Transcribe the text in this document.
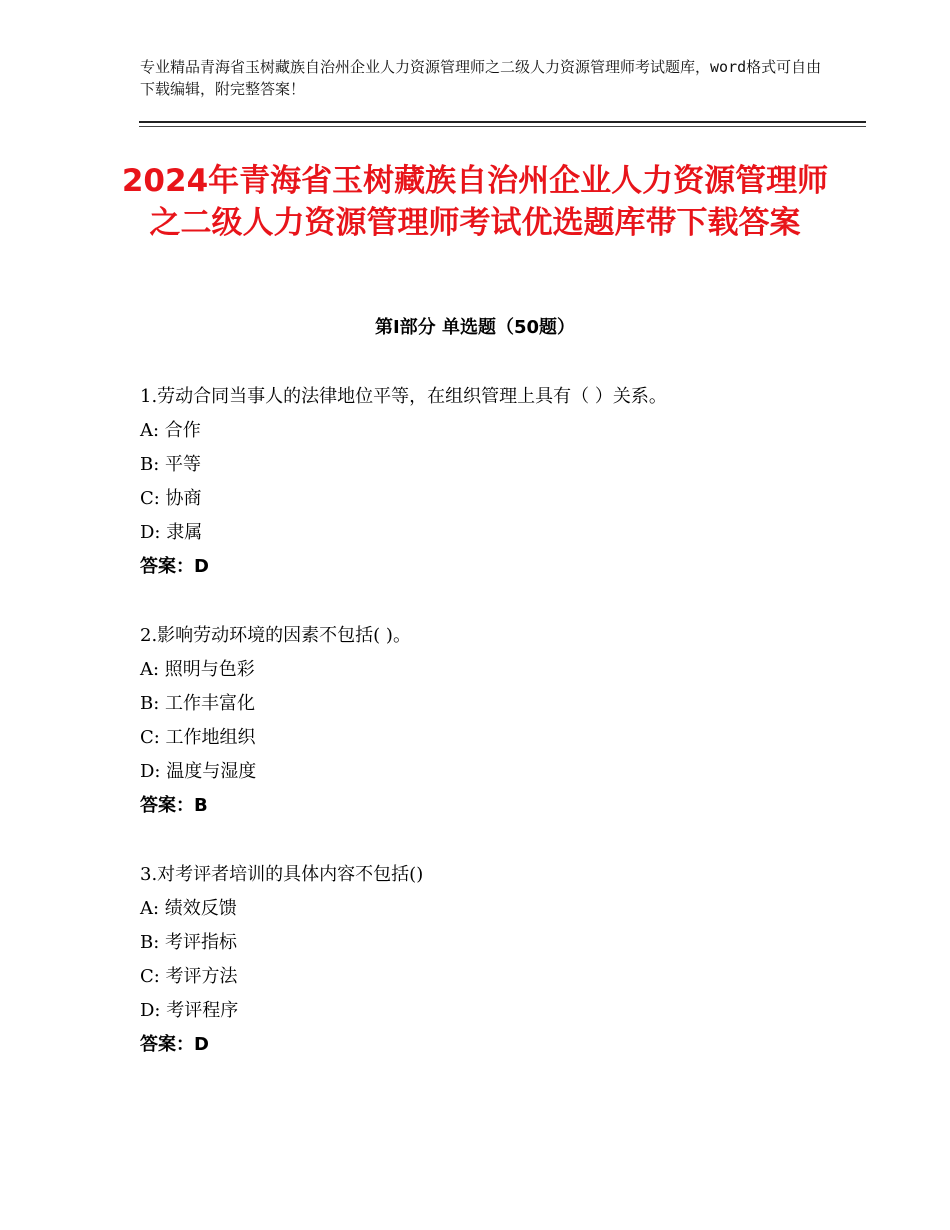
专业精品青海省玉树藏族自治州企业人力资源管理师之二级人力资源管理师考试题库，word格式可自由下载编辑，附完整答案！
2024年青海省玉树藏族自治州企业人力资源管理师之二级人力资源管理师考试优选题库带下载答案
第Ⅰ部分 单选题（50题）
1.劳动合同当事人的法律地位平等，在组织管理上具有（ ）关系。
A: 合作
B: 平等
C: 协商
D: 隶属
答案：D
2.影响劳动环境的因素不包括( )。
A: 照明与色彩
B: 工作丰富化
C: 工作地组织
D: 温度与湿度
答案：B
3.对考评者培训的具体内容不包括()
A: 绩效反馈
B: 考评指标
C: 考评方法
D: 考评程序
答案：D
